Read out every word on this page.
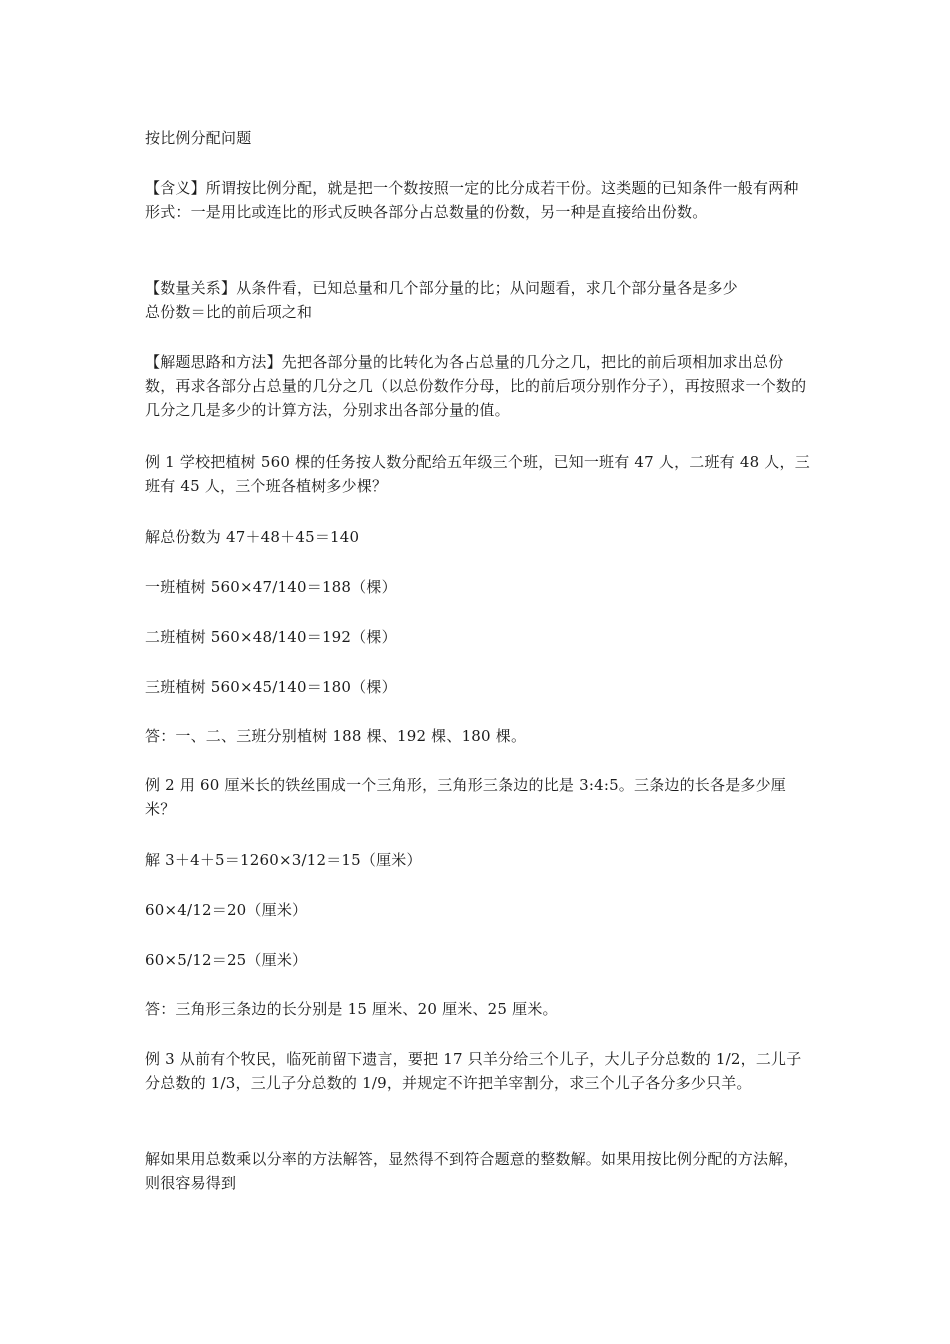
按比例分配问题

【含义】所谓按比例分配，就是把一个数按照一定的比分成若干份。这类题的已知条件一般有两种形式：一是用比或连比的形式反映各部分占总数量的份数，另一种是直接给出份数。

【数量关系】从条件看，已知总量和几个部分量的比；从问题看，求几个部分量各是多少

总份数＝比的前后项之和

【解题思路和方法】先把各部分量的比转化为各占总量的几分之几，把比的前后项相加求出总份数，再求各部分占总量的几分之几（以总份数作分母，比的前后项分别作分子），再按照求一个数的几分之几是多少的计算方法，分别求出各部分量的值。

例 1 学校把植树 560 棵的任务按人数分配给五年级三个班，已知一班有 47 人，二班有 48 人，三班有 45 人，三个班各植树多少棵？

解总份数为 47＋48＋45＝140

一班植树 560×47/140＝188（棵）

二班植树 560×48/140＝192（棵）

三班植树 560×45/140＝180（棵）

答：一、二、三班分别植树 188 棵、192 棵、180 棵。

例 2 用 60 厘米长的铁丝围成一个三角形，三角形三条边的比是 3:4:5。三条边的长各是多少厘米？

解 3＋4＋5＝1260×3/12＝15（厘米）

60×4/12＝20（厘米）

60×5/12＝25（厘米）

答：三角形三条边的长分别是 15 厘米、20 厘米、25 厘米。

例 3 从前有个牧民，临死前留下遗言，要把 17 只羊分给三个儿子，大儿子分总数的 1/2，二儿子分总数的 1/3，三儿子分总数的 1/9，并规定不许把羊宰割分，求三个儿子各分多少只羊。

解如果用总数乘以分率的方法解答，显然得不到符合题意的整数解。如果用按比例分配的方法解，则很容易得到
